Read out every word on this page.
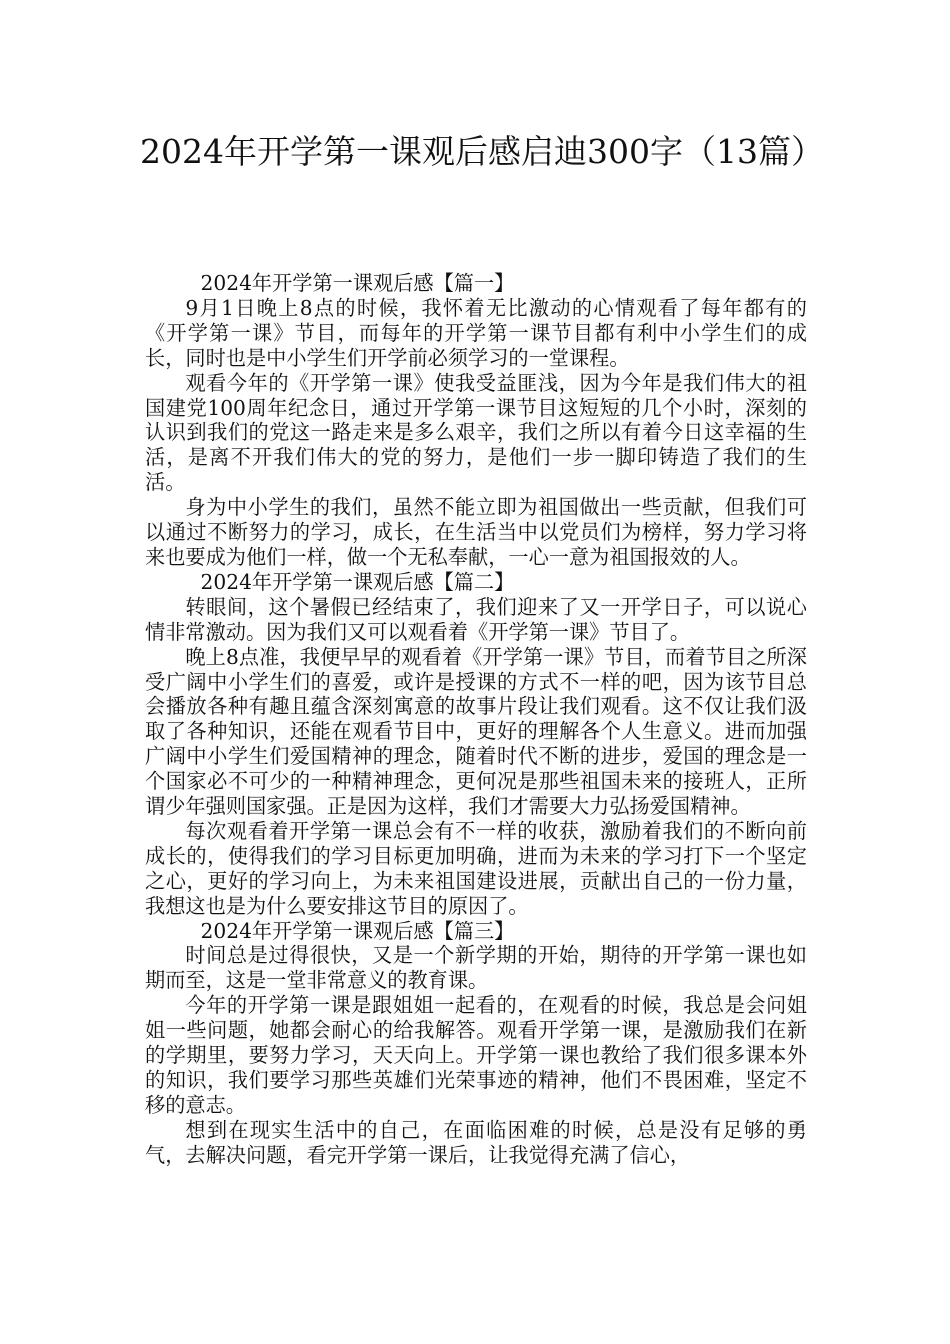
2024年开学第一课观后感启迪300字（13篇）

2024年开学第一课观后感【篇一】

9月1日晚上8点的时候，我怀着无比激动的心情观看了每年都有的《开学第一课》节目，而每年的开学第一课节目都有利中小学生们的成长，同时也是中小学生们开学前必须学习的一堂课程。

观看今年的《开学第一课》使我受益匪浅，因为今年是我们伟大的祖国建党100周年纪念日，通过开学第一课节目这短短的几个小时，深刻的认识到我们的党这一路走来是多么艰辛，我们之所以有着今日这幸福的生活，是离不开我们伟大的党的努力，是他们一步一脚印铸造了我们的生活。

身为中小学生的我们，虽然不能立即为祖国做出一些贡献，但我们可以通过不断努力的学习，成长，在生活当中以党员们为榜样，努力学习将来也要成为他们一样，做一个无私奉献，一心一意为祖国报效的人。

2024年开学第一课观后感【篇二】

转眼间，这个暑假已经结束了，我们迎来了又一开学日子，可以说心情非常激动。因为我们又可以观看着《开学第一课》节目了。

晚上8点准，我便早早的观看着《开学第一课》节目，而着节目之所深受广阔中小学生们的喜爱，或许是授课的方式不一样的吧，因为该节目总会播放各种有趣且蕴含深刻寓意的故事片段让我们观看。这不仅让我们汲取了各种知识，还能在观看节目中，更好的理解各个人生意义。进而加强广阔中小学生们爱国精神的理念，随着时代不断的进步，爱国的理念是一个国家必不可少的一种精神理念，更何况是那些祖国未来的接班人，正所谓少年强则国家强。正是因为这样，我们才需要大力弘扬爱国精神。

每次观看着开学第一课总会有不一样的收获，激励着我们的不断向前成长的，使得我们的学习目标更加明确，进而为未来的学习打下一个坚定之心，更好的学习向上，为未来祖国建设进展，贡献出自己的一份力量，我想这也是为什么要安排这节目的原因了。

2024年开学第一课观后感【篇三】

时间总是过得很快，又是一个新学期的开始，期待的开学第一课也如期而至，这是一堂非常意义的教育课。

今年的开学第一课是跟姐姐一起看的，在观看的时候，我总是会问姐姐一些问题，她都会耐心的给我解答。观看开学第一课，是激励我们在新的学期里，要努力学习，天天向上。开学第一课也教给了我们很多课本外的知识，我们要学习那些英雄们光荣事迹的精神，他们不畏困难，坚定不移的意志。

想到在现实生活中的自己，在面临困难的时候，总是没有足够的勇气，去解决问题，看完开学第一课后，让我觉得充满了信心，
